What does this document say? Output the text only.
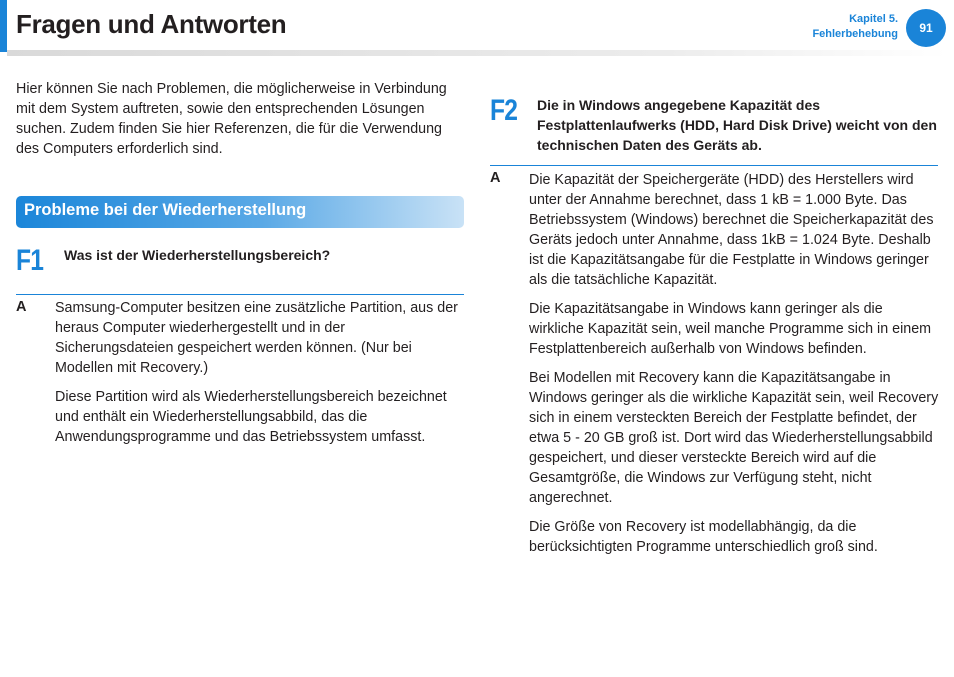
Fragen und Antworten	Kapitel 5.
Fehlerbehebung	91

Hier können Sie nach Problemen, die möglicherweise in Verbindung mit dem System auftreten, sowie den entsprechenden Lösungen suchen. Zudem finden Sie hier Referenzen, die für die Verwendung des Computers erforderlich sind.

Probleme bei der Wiederherstellung
F1 Was ist der Wiederherstellungsbereich?

A Samsung-Computer besitzen eine zusätzliche Partition, aus der heraus Computer wiederhergestellt und in der Sicherungsdateien gespeichert werden können. (Nur bei Modellen mit Recovery.)

Diese Partition wird als Wiederherstellungsbereich bezeichnet und enthält ein Wiederherstellungsabbild, das die Anwendungsprogramme und das Betriebssystem umfasst.

F2 Die in Windows angegebene Kapazität des Festplattenlaufwerks (HDD, Hard Disk Drive) weicht von den technischen Daten des Geräts ab.

A Die Kapazität der Speichergeräte (HDD) des Herstellers wird unter der Annahme berechnet, dass 1 kB = 1.000 Byte. Das Betriebssystem (Windows) berechnet die Speicherkapazität des Geräts jedoch unter Annahme, dass 1kB = 1.024 Byte. Deshalb ist die Kapazitätsangabe für die Festplatte in Windows geringer als die tatsächliche Kapazität.

Die Kapazitätsangabe in Windows kann geringer als die wirkliche Kapazität sein, weil manche Programme sich in einem Festplattenbereich außerhalb von Windows befinden.

Bei Modellen mit Recovery kann die Kapazitätsangabe in Windows geringer als die wirkliche Kapazität sein, weil Recovery sich in einem versteckten Bereich der Festplatte befindet, der etwa 5 - 20 GB groß ist. Dort wird das Wiederherstellungsabbild gespeichert, und dieser versteckte Bereich wird auf die Gesamtgröße, die Windows zur Verfügung steht, nicht angerechnet.

Die Größe von Recovery ist modellabhängig, da die berücksichtigten Programme unterschiedlich groß sind.
